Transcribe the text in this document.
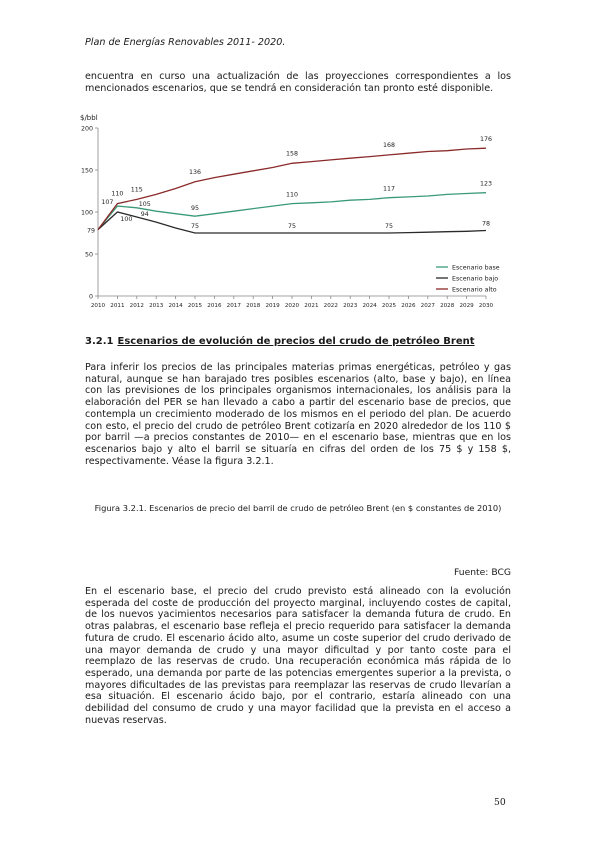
Plan de Energías Renovables 2011- 2020.

encuentra en curso una actualización de las proyecciones correspondientes a los mencionados escenarios, que se tendrá en consideración tan pronto esté disponible.

$/bbl
0
50
100
150
200
2010 2011 2012 2013 2014 2015 2016 2017 2018 2019 2020 2021 2022 2023 2024 2025 2026 2027 2028 2029 2030
79
107	105
95
110
117
123
100
94
75	75	75	78
110
115
136
158
168
176
Escenario base
Escenario bajo
Escenario alto
3.2.1 Escenarios de evolución de precios del crudo de petróleo Brent

Para inferir los precios de las principales materias primas energéticas, petróleo y gas natural, aunque se han barajado tres posibles escenarios (alto, base y bajo), en línea con las previsiones de los principales organismos internacionales, los análisis para la elaboración del PER se han llevado a cabo a partir del escenario base de precios, que contempla un crecimiento moderado de los mismos en el periodo del plan. De acuerdo con esto, el precio del crudo de petróleo Brent cotizaría en 2020 alrededor de los 110 $ por barril —a precios constantes de 2010— en el escenario base, mientras que en los escenarios bajo y alto el barril se situaría en cifras del orden de los 75 $ y 158 $, respectivamente. Véase la figura 3.2.1.

Figura 3.2.1. Escenarios de precio del barril de crudo de petróleo Brent (en $ constantes de 2010)
Fuente: BCG

En el escenario base, el precio del crudo previsto está alineado con la evolución esperada del coste de producción del proyecto marginal, incluyendo costes de capital, de los nuevos yacimientos necesarios para satisfacer la demanda futura de crudo. En otras palabras, el escenario base refleja el precio requerido para satisfacer la demanda futura de crudo. El escenario ácido alto, asume un coste superior del crudo derivado de una mayor demanda de crudo y una mayor dificultad y por tanto coste para el reemplazo de las reservas de crudo. Una recuperación económica más rápida de lo esperado, una demanda por parte de las potencias emergentes superior a la prevista, o mayores dificultades de las previstas para reemplazar las reservas de crudo llevarían a esa situación. El escenario ácido bajo, por el contrario, estaría alineado con una debilidad del consumo de crudo y una mayor facilidad que la prevista en el acceso a nuevas reservas.

50
